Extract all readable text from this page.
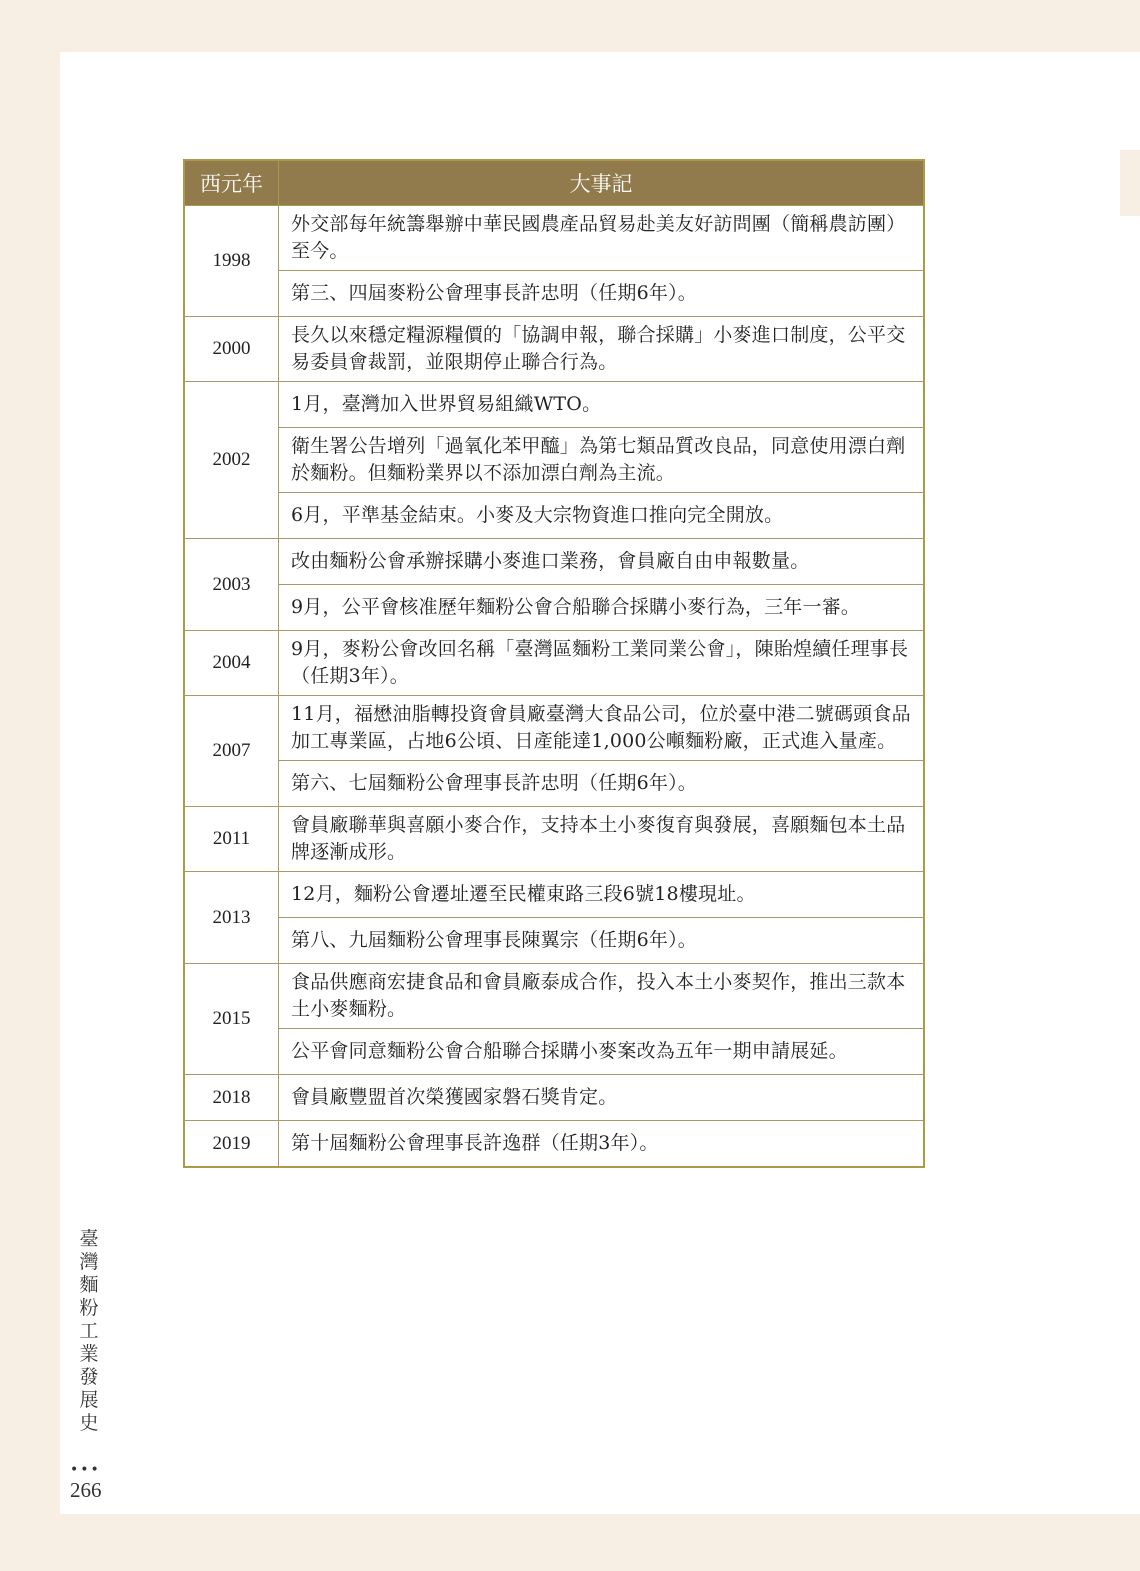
西元年	大事記
1998	外交部每年統籌舉辦中華民國農產品貿易赴美友好訪問團（簡稱農訪團）至今。
	第三、四屆麥粉公會理事長許忠明（任期6年）。
2000	長久以來穩定糧源糧價的「協調申報，聯合採購」小麥進口制度，公平交易委員會裁罰，並限期停止聯合行為。
2002	1月，臺灣加入世界貿易組織WTO。
	衛生署公告增列「過氧化苯甲醯」為第七類品質改良品，同意使用漂白劑於麵粉。但麵粉業界以不添加漂白劑為主流。
	6月，平準基金結束。小麥及大宗物資進口推向完全開放。
2003	改由麵粉公會承辦採購小麥進口業務，會員廠自由申報數量。
	9月，公平會核准歷年麵粉公會合船聯合採購小麥行為，三年一審。
2004	9月，麥粉公會改回名稱「臺灣區麵粉工業同業公會」，陳貽煌續任理事長（任期3年）。
2007	11月，福懋油脂轉投資會員廠臺灣大食品公司，位於臺中港二號碼頭食品加工專業區，占地6公頃、日產能達1,000公噸麵粉廠，正式進入量產。
	第六、七屆麵粉公會理事長許忠明（任期6年）。
2011	會員廠聯華與喜願小麥合作，支持本土小麥復育與發展，喜願麵包本土品牌逐漸成形。
2013	12月，麵粉公會遷址遷至民權東路三段6號18樓現址。
	第八、九屆麵粉公會理事長陳翼宗（任期6年）。
2015	食品供應商宏捷食品和會員廠泰成合作，投入本土小麥契作，推出三款本土小麥麵粉。
	公平會同意麵粉公會合船聯合採購小麥案改為五年一期申請展延。
2018	會員廠豐盟首次榮獲國家磐石獎肯定。
2019	第十屆麵粉公會理事長許逸群（任期3年）。
臺灣麵粉工業發展史
•••
266
